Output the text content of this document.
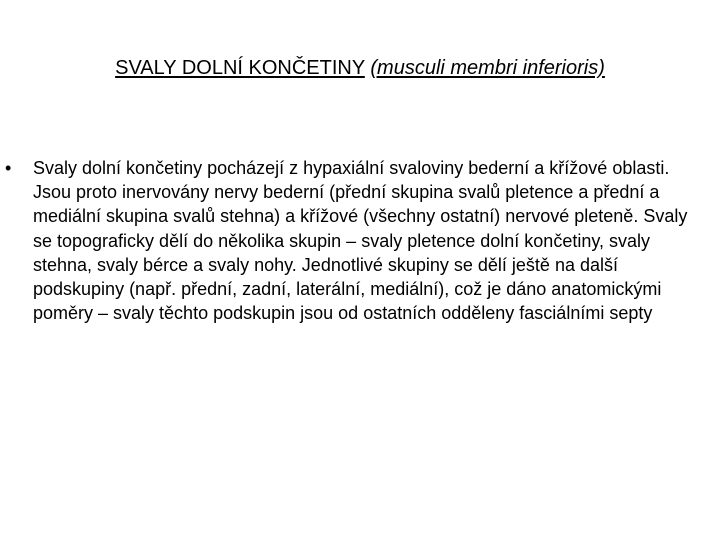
SVALY DOLNÍ KONČETINY (musculi membri inferioris)
• Svaly dolní končetiny pocházejí z hypaxiální svaloviny bederní a křížové oblasti. Jsou proto inervovány nervy bederní (přední skupina svalů pletence a přední a mediální skupina svalů stehna) a křížové (všechny ostatní) nervové pleteně. Svaly se topograficky dělí do několika skupin – svaly pletence dolní končetiny, svaly stehna, svaly bérce a svaly nohy. Jednotlivé skupiny se dělí ještě na další podskupiny (např. přední, zadní, laterální, mediální), což je dáno anatomickými poměry – svaly těchto podskupin jsou od ostatních odděleny fasciálními septy
